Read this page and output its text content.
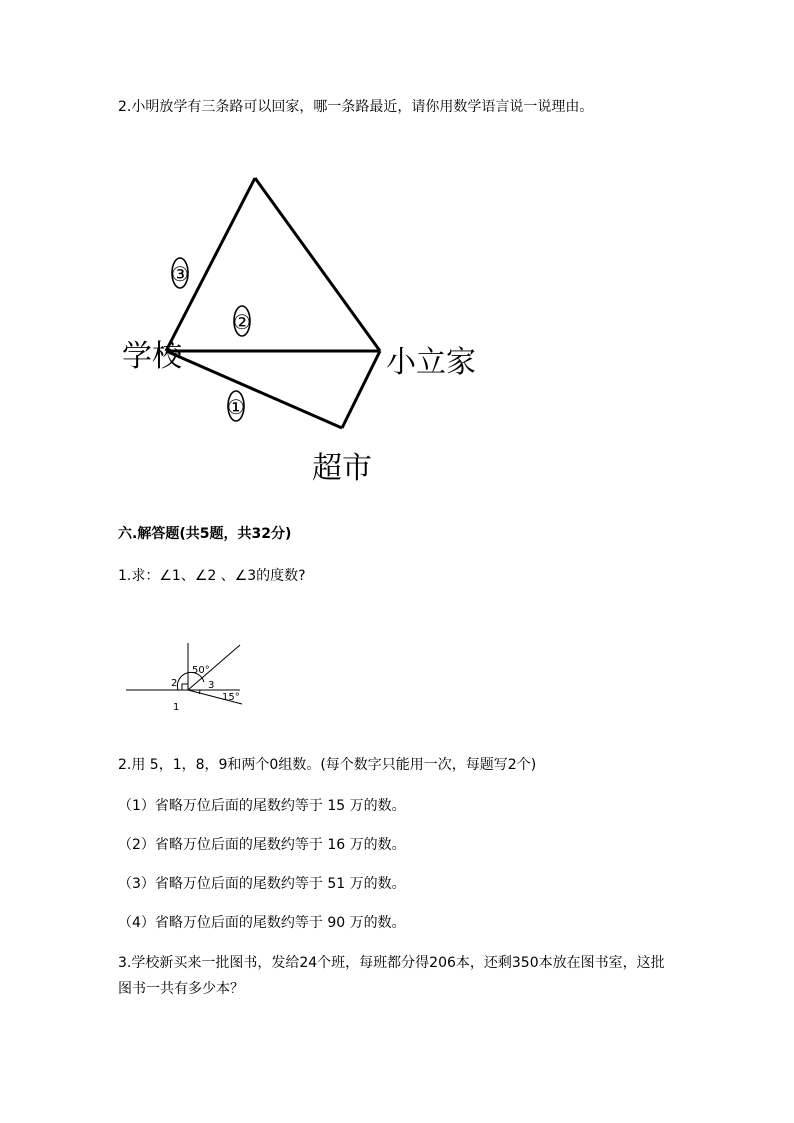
2.小明放学有三条路可以回家，哪一条路最近，请你用数学语言说一说理由。
③
②
①
学校	小立家
超市
六.解答题(共5题，共32分)
1.求：∠1、∠2 、∠3的度数?
50°
15°
1
2	3
2.用 5，1，8，9和两个0组数。(每个数字只能用一次，每题写2个)
（1）省略万位后面的尾数约等于 15 万的数。
（2）省略万位后面的尾数约等于 16 万的数。
（3）省略万位后面的尾数约等于 51 万的数。
（4）省略万位后面的尾数约等于 90 万的数。
3.学校新买来一批图书，发给24个班，每班都分得206本，还剩350本放在图书室，这批图书一共有多少本？
